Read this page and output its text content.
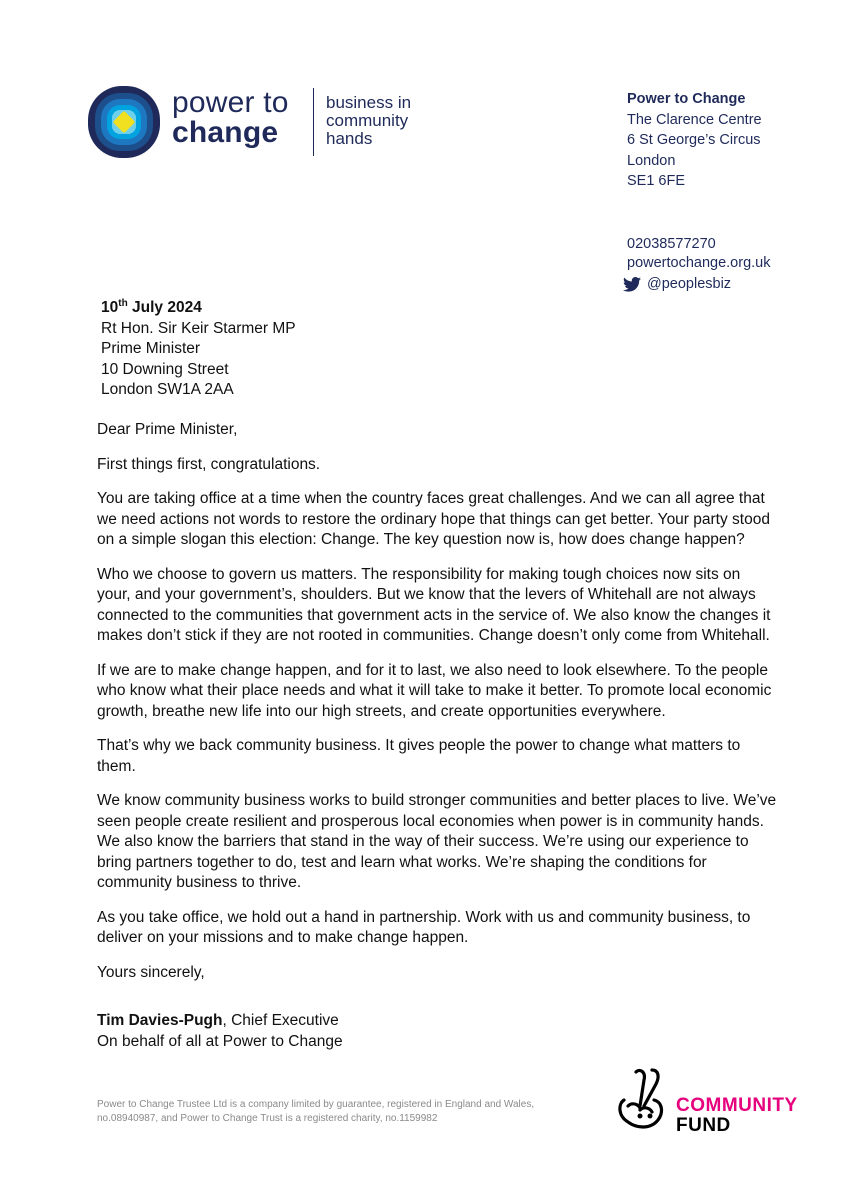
power to
change
business in
community
hands
Power to Change
The Clarence Centre
6 St George’s Circus
London
SE1 6FE
02038577270
powertochange.org.uk
@peoplesbiz
10th July 2024
Rt Hon. Sir Keir Starmer MP
Prime Minister
10 Downing Street
London SW1A 2AA

Dear Prime Minister,

First things first, congratulations.

You are taking office at a time when the country faces great challenges. And we can all agree that we need actions not words to restore the ordinary hope that things can get better. Your party stood on a simple slogan this election: Change. The key question now is, how does change happen?

Who we choose to govern us matters. The responsibility for making tough choices now sits on your, and your government’s, shoulders. But we know that the levers of Whitehall are not always connected to the communities that government acts in the service of. We also know the changes it makes don’t stick if they are not rooted in communities. Change doesn’t only come from Whitehall.

If we are to make change happen, and for it to last, we also need to look elsewhere. To the people who know what their place needs and what it will take to make it better. To promote local economic growth, breathe new life into our high streets, and create opportunities everywhere.

That’s why we back community business. It gives people the power to change what matters to them.

We know community business works to build stronger communities and better places to live. We’ve seen people create resilient and prosperous local economies when power is in community hands. We also know the barriers that stand in the way of their success. We’re using our experience to bring partners together to do, test and learn what works. We’re shaping the conditions for community business to thrive.

As you take office, we hold out a hand in partnership. Work with us and community business, to deliver on your missions and to make change happen.

Yours sincerely,

Tim Davies-Pugh, Chief Executive
On behalf of all at Power to Change
Power to Change Trustee Ltd is a company limited by guarantee, registered in England and Wales,
no.08940987, and Power to Change Trust is a registered charity, no.1159982
COMMUNITY
FUND
